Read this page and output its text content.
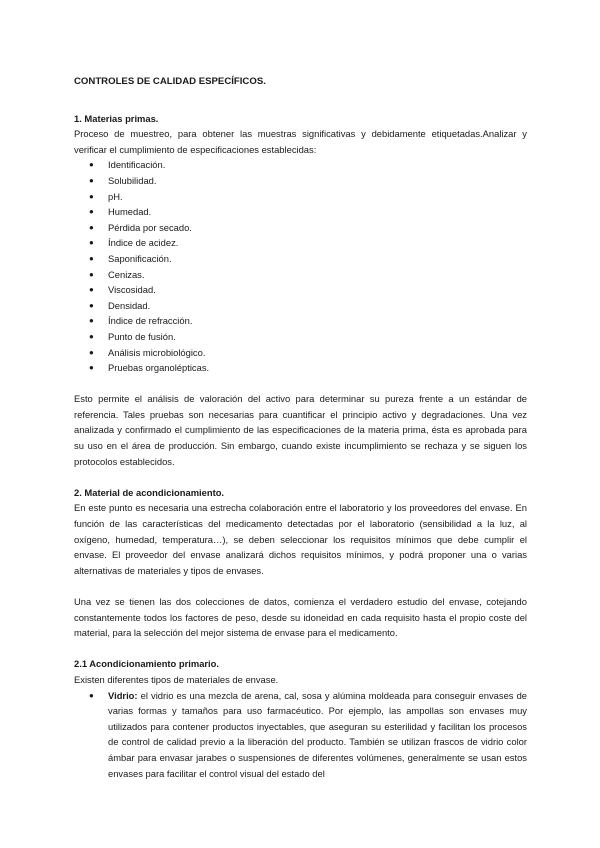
CONTROLES DE CALIDAD ESPECÍFICOS.

1. Materias primas.

Proceso de muestreo, para obtener las muestras significativas y debidamente etiquetadas.Analizar y verificar el cumplimiento de especificaciones establecidas:

● Identificación.
● Solubilidad.
● pH.
● Humedad.
● Pérdida por secado.
● Índice de acidez.
● Saponificación.
● Cenizas.
● Viscosidad.
● Densidad.
● Índice de refracción.
● Punto de fusión.
● Análisis microbiológico.
● Pruebas organolépticas.

Esto permite el análisis de valoración del activo para determinar su pureza frente a un estándar de referencia. Tales pruebas son necesarias para cuantificar el principio activo y degradaciones. Una vez analizada y confirmado el cumplimiento de las especificaciones de la materia prima, ésta es aprobada para su uso en el área de producción. Sin embargo, cuando existe incumplimiento se rechaza y se siguen los protocolos establecidos.

2. Material de acondicionamiento.

En este punto es necesaria una estrecha colaboración entre el laboratorio y los proveedores del envase. En función de las características del medicamento detectadas por el laboratorio (sensibilidad a la luz, al oxígeno, humedad, temperatura…), se deben seleccionar los requisitos mínimos que debe cumplir el envase. El proveedor del envase analizará dichos requisitos mínimos, y podrá proponer una o varias alternativas de materiales y tipos de envases.

Una vez se tienen las dos colecciones de datos, comienza el verdadero estudio del envase, cotejando constantemente todos los factores de peso, desde su idoneidad en cada requisito hasta el propio coste del material, para la selección del mejor sistema de envase para el medicamento.

2.1 Acondicionamiento primario.

Existen diferentes tipos de materiales de envase.

● Vidrio: el vidrio es una mezcla de arena, cal, sosa y alúmina moldeada para conseguir envases de varias formas y tamaños para uso farmacéutico. Por ejemplo, las ampollas son envases muy utilizados para contener productos inyectables, que aseguran su esterilidad y facilitan los procesos de control de calidad previo a la liberación del producto. También se utilizan frascos de vidrio color ámbar para envasar jarabes o suspensiones de diferentes volúmenes, generalmente se usan estos envases para facilitar el control visual del estado del
